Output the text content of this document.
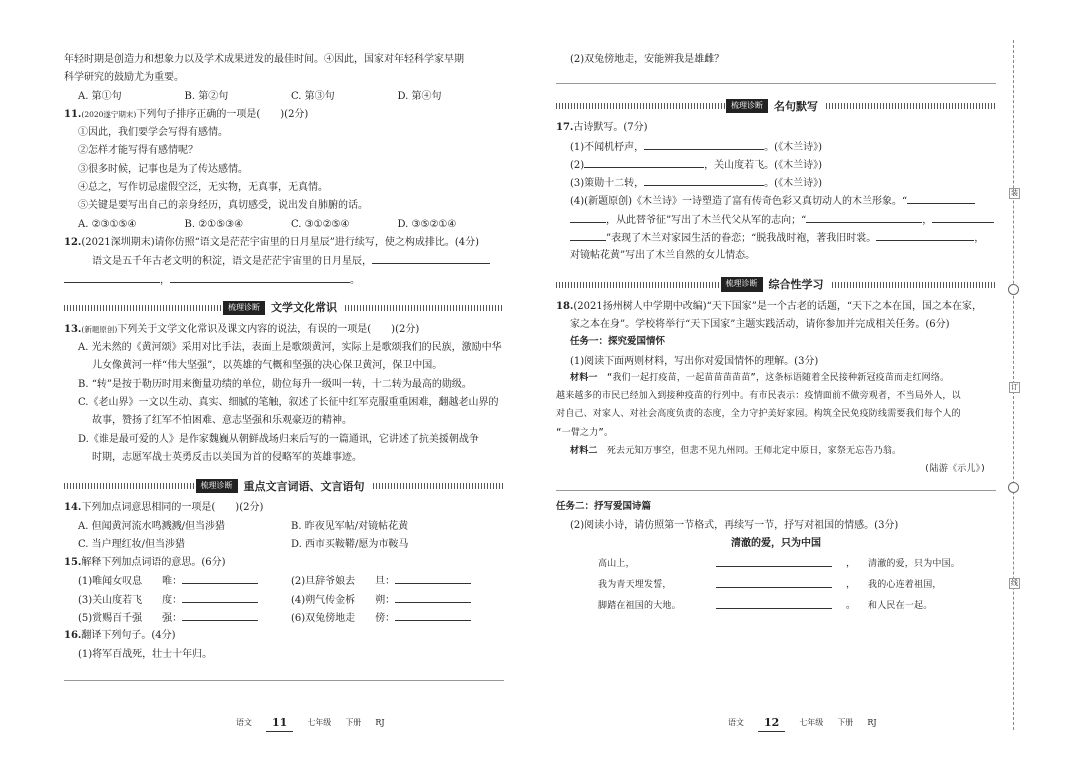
年轻时期是创造力和想象力以及学术成果迸发的最佳时间。④因此，国家对年轻科学家早期

科学研究的鼓励尤为重要。

A. 第①句	B. 第②句	C. 第③句	D. 第④句

11.(2020遂宁期末)下列句子排序正确的一项是(　　)(2分)

①因此，我们要学会写得有感情。

②怎样才能写得有感情呢？

③很多时候，记事也是为了传达感情。

④总之，写作切忌虚假空泛，无实物，无真事，无真情。

⑤关键是要写出自己的亲身经历，真切感受，说出发自肺腑的话。

A. ②③①⑤④	B. ②①⑤③④	C. ③①②⑤④	D. ③⑤②①④

12.(2021深圳期末)请你仿照“语文是茫茫宇宙里的日月星辰”进行续写，使之构成排比。(4分)

语文是五千年古老文明的积淀，语文是茫茫宇宙里的日月星辰，

，	。

梳理诊断	文学文化常识

13.(新题原创)下列关于文学文化常识及课文内容的说法，有误的一项是(　　)(2分)

A. 光未然的《黄河颂》采用对比手法，表面上是歌颂黄河，实际上是歌颂我们的民族，激励中华

儿女像黄河一样“伟大坚强”，以英雄的气概和坚强的决心保卫黄河，保卫中国。

B. “转”是按于勒历时用来衡量功绩的单位，勋位每升一级叫一转，十二转为最高的勋级。

C.《老山界》一文以生动、真实、细腻的笔触，叙述了长征中红军克服重重困难，翻越老山界的

故事，赞扬了红军不怕困难、意志坚强和乐观豪迈的精神。

D.《谁是最可爱的人》是作家魏巍从朝鲜战场归来后写的一篇通讯，它讲述了抗美援朝战争

时期，志愿军战士英勇反击以美国为首的侵略军的英雄事迹。

梳理诊断	重点文言词语、文言语句

14.下列加点词意思相同的一项是(　　)(2分)

A. 但闻黄河流水鸣溅溅/但当涉猎	B. 昨夜见军帖/对镜帖花黄
C. 当户理红妆/但当涉猎	D. 西市买鞍鞯/愿为市鞍马

15.解释下列加点词语的意思。(6分)

(1)唯闻女叹息　　唯：	(2)旦辞爷娘去　　旦：
(3)关山度若飞　　度：	(4)朔气传金柝　　朔：
(5)赏赐百千强　　强：	(6)双兔傍地走　　傍：

16.翻译下列句子。(4分)

(1)将军百战死，壮士十年归。

(2)双兔傍地走，安能辨我是雄雌？

梳理诊断	名句默写

17.古诗默写。(7分)

(1)不闻机杼声，	。(《木兰诗》)

(2)	，关山度若飞。(《木兰诗》)

(3)策勋十二转，	。(《木兰诗》)

(4)(新题原创)《木兰诗》一诗塑造了富有传奇色彩又真切动人的木兰形象。“

，从此替爷征”写出了木兰代父从军的志向；“	，

”表现了木兰对家园生活的眷恋；“脱我战时袍，著我旧时裳。	，

对镜帖花黄”写出了木兰自然的女儿情态。

梳理诊断	综合性学习

18.(2021扬州树人中学期中改编)“天下国家”是一个古老的话题，“天下之本在国，国之本在家，

家之本在身”。学校将举行“天下国家”主题实践活动，请你参加并完成相关任务。(6分)

任务一：探究爱国情怀

(1)阅读下面两则材料，写出你对爱国情怀的理解。(3分)

材料一　 “我们一起打疫苗，一起苗苗苗苗苗”，这条标语随着全民接种新冠疫苗而走红网络。

越来越多的市民已经加入到接种疫苗的行列中。有市民表示：疫情面前不做旁观者，不当局外人，以

对自己、对家人、对社会高度负责的态度，全力守护美好家园。构筑全民免疫防线需要我们每个人的

“一臂之力”。

材料二　 死去元知万事空，但悲不见九州同。王师北定中原日，家祭无忘告乃翁。

(陆游《示儿》)

任务二：抒写爱国诗篇

(2)阅读小诗，请仿照第一节格式，再续写一节，抒写对祖国的情感。(3分)

清澈的爱，只为中国
高山上，	，	清澈的爱，只为中国。
我为青天埋发誓，	，	我的心连着祖国，
脚踏在祖国的大地。	。	和人民在一起。
语文	11	七年级 下册 RJ	语文	12	七年级 下册 RJ
装
订
线
